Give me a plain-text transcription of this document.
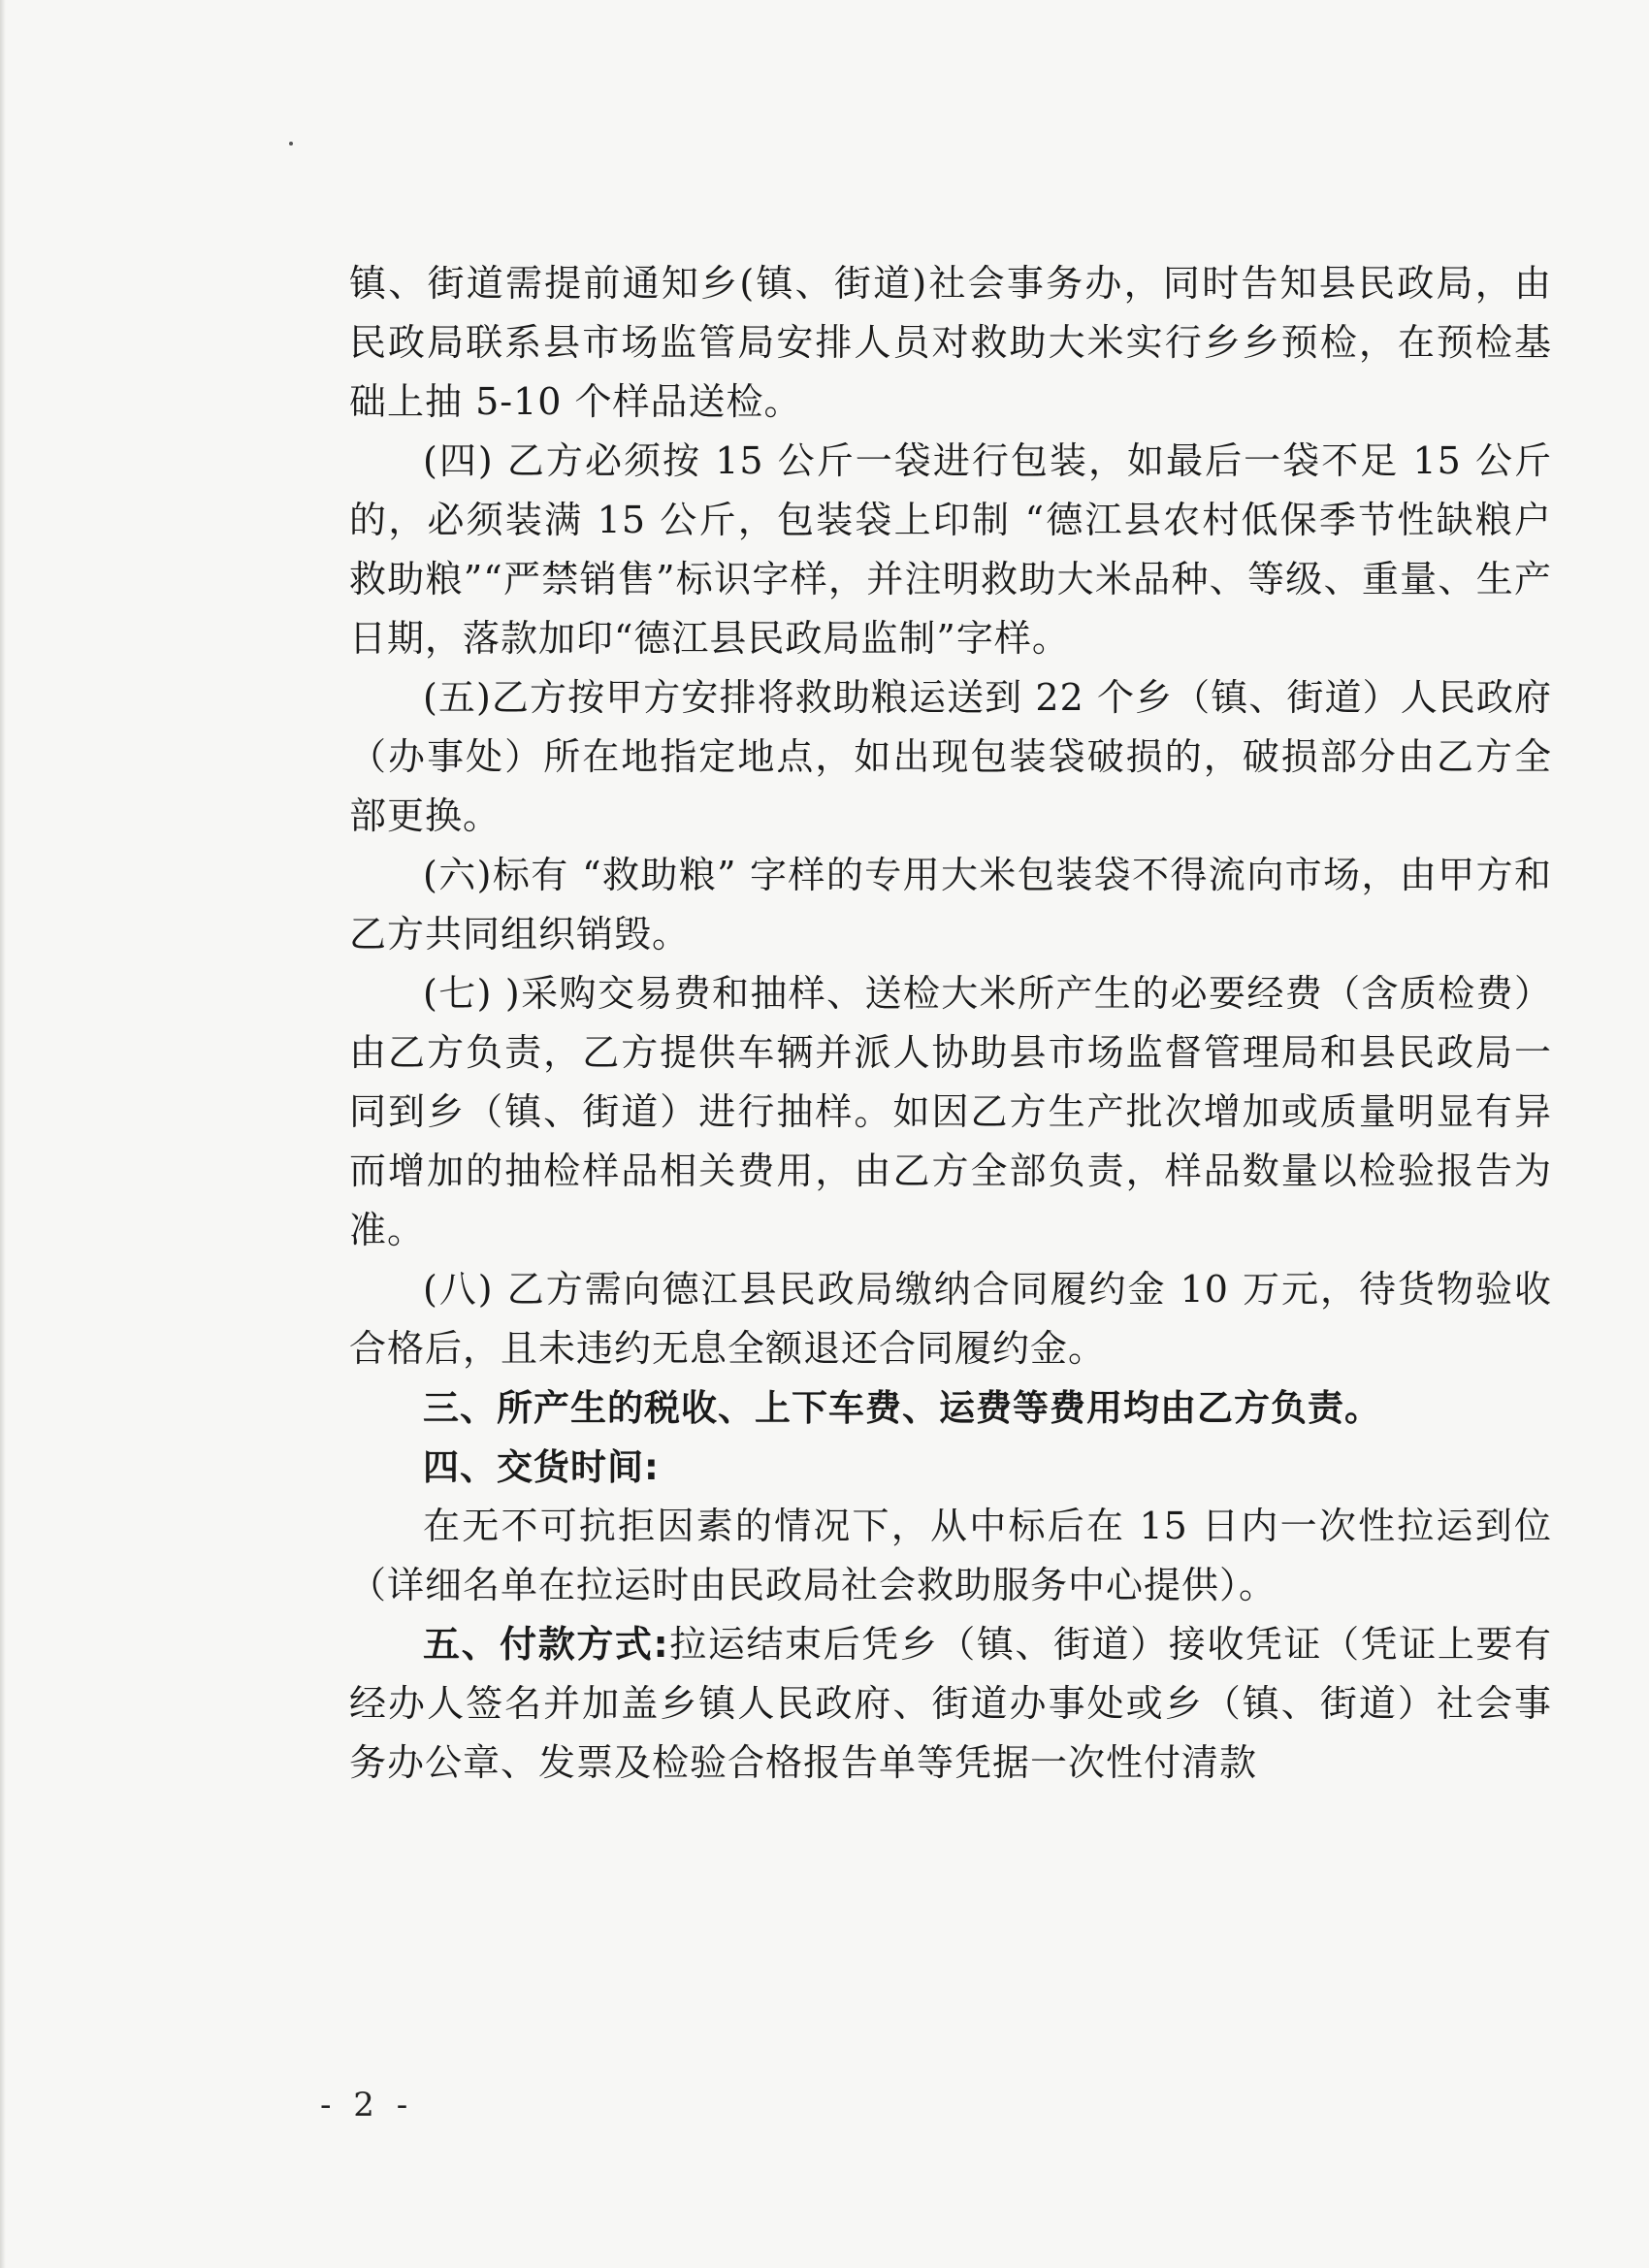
镇、街道需提前通知乡(镇、街道)社会事务办，同时告知县民政局，由民政局联系县市场监管局安排人员对救助大米实行乡乡预检，在预检基础上抽 5-10 个样品送检。

(四) 乙方必须按 15 公斤一袋进行包装，如最后一袋不足 15 公斤的，必须装满 15 公斤，包装袋上印制 “德江县农村低保季节性缺粮户救助粮”“严禁销售”标识字样，并注明救助大米品种、等级、重量、生产日期，落款加印“德江县民政局监制”字样。

(五)乙方按甲方安排将救助粮运送到 22 个乡（镇、街道）人民政府（办事处）所在地指定地点，如出现包装袋破损的，破损部分由乙方全部更换。

(六)标有 “救助粮” 字样的专用大米包装袋不得流向市场，由甲方和乙方共同组织销毁。

(七) )采购交易费和抽样、送检大米所产生的必要经费（含质检费）由乙方负责，乙方提供车辆并派人协助县市场监督管理局和县民政局一同到乡（镇、街道）进行抽样。如因乙方生产批次增加或质量明显有异而增加的抽检样品相关费用，由乙方全部负责，样品数量以检验报告为准。

(八) 乙方需向德江县民政局缴纳合同履约金 10 万元，待货物验收合格后，且未违约无息全额退还合同履约金。

三、所产生的税收、上下车费、运费等费用均由乙方负责。

四、交货时间:

在无不可抗拒因素的情况下，从中标后在 15 日内一次性拉运到位（详细名单在拉运时由民政局社会救助服务中心提供）。

五、付款方式:拉运结束后凭乡（镇、街道）接收凭证（凭证上要有经办人签名并加盖乡镇人民政府、街道办事处或乡（镇、街道）社会事务办公章、发票及检验合格报告单等凭据一次性付清款

- 2 -
